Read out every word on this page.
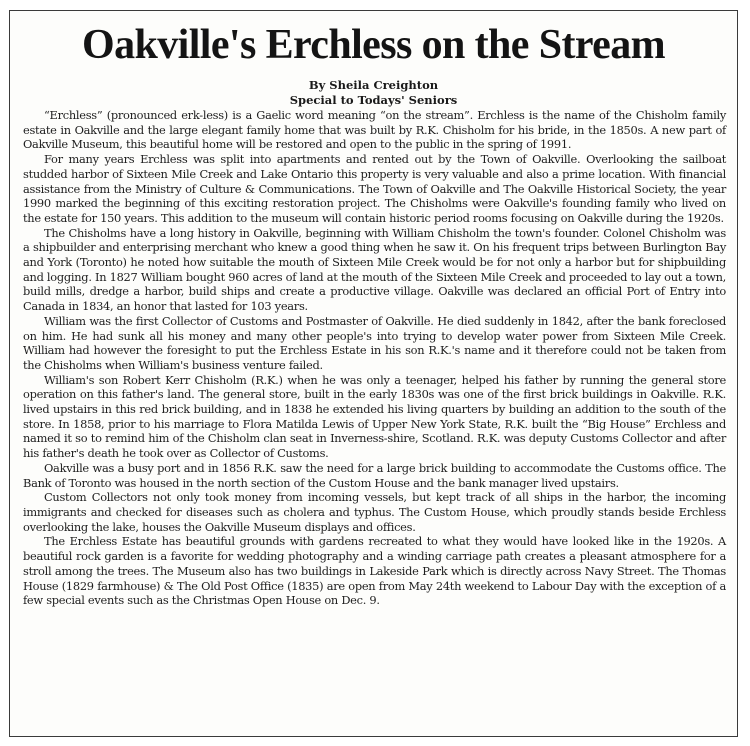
Oakville's Erchless on the Stream
By Sheila Creighton
Special to Todays' Seniors

“Erchless” (pronounced erk-less) is a Gaelic word meaning “on the stream”. Erchless is the name of the Chisholm family estate in Oakville and the large elegant family home that was built by R.K. Chisholm for his bride, in the 1850s. A new part of Oakville Museum, this beautiful home will be restored and open to the public in the spring of 1991.

For many years Erchless was split into apartments and rented out by the Town of Oakville. Overlooking the sailboat studded harbor of Sixteen Mile Creek and Lake Ontario this property is very valuable and also a prime location. With financial assistance from the Ministry of Culture & Communications. The Town of Oakville and The Oakville Historical Society, the year 1990 marked the beginning of this exciting restoration project. The Chisholms were Oakville's founding family who lived on the estate for 150 years. This addition to the museum will contain historic period rooms focusing on Oakville during the 1920s.

The Chisholms have a long history in Oakville, beginning with William Chisholm the town's founder. Colonel Chisholm was a shipbuilder and enterprising merchant who knew a good thing when he saw it. On his frequent trips between Burlington Bay and York (Toronto) he noted how suitable the mouth of Sixteen Mile Creek would be for not only a harbor but for shipbuilding and logging. In 1827 William bought 960 acres of land at the mouth of the Sixteen Mile Creek and proceeded to lay out a town, build mills, dredge a harbor, build ships and create a productive village. Oakville was declared an official Port of Entry into Canada in 1834, an honor that lasted for 103 years.

William was the first Collector of Customs and Postmaster of Oakville. He died suddenly in 1842, after the bank foreclosed on him. He had sunk all his money and many other people's into trying to develop water power from Sixteen Mile Creek. William had however the foresight to put the Erchless Estate in his son R.K.'s name and it therefore could not be taken from the Chisholms when William's business venture failed.

William's son Robert Kerr Chisholm (R.K.) when he was only a teenager, helped his father by running the general store operation on this father's land. The general store, built in the early 1830s was one of the first brick buildings in Oakville. R.K. lived upstairs in this red brick building, and in 1838 he extended his living quarters by building an addition to the south of the store. In 1858, prior to his marriage to Flora Matilda Lewis of Upper New York State, R.K. built the “Big House” Erchless and named it so to remind him of the Chisholm clan seat in Inverness-shire, Scotland. R.K. was deputy Customs Collector and after his father's death he took over as Collector of Customs.

Oakville was a busy port and in 1856 R.K. saw the need for a large brick building to accommodate the Customs office. The Bank of Toronto was housed in the north section of the Custom House and the bank manager lived upstairs.

Custom Collectors not only took money from incoming vessels, but kept track of all ships in the harbor, the incoming immigrants and checked for diseases such as cholera and typhus. The Custom House, which proudly stands beside Erchless overlooking the lake, houses the Oakville Museum displays and offices.

The Erchless Estate has beautiful grounds with gardens recreated to what they would have looked like in the 1920s. A beautiful rock garden is a favorite for wedding photography and a winding carriage path creates a pleasant atmosphere for a stroll among the trees. The Museum also has two buildings in Lakeside Park which is directly across Navy Street. The Thomas House (1829 farmhouse) & The Old Post Office (1835) are open from May 24th weekend to Labour Day with the exception of a few special events such as the Christmas Open House on Dec. 9.
